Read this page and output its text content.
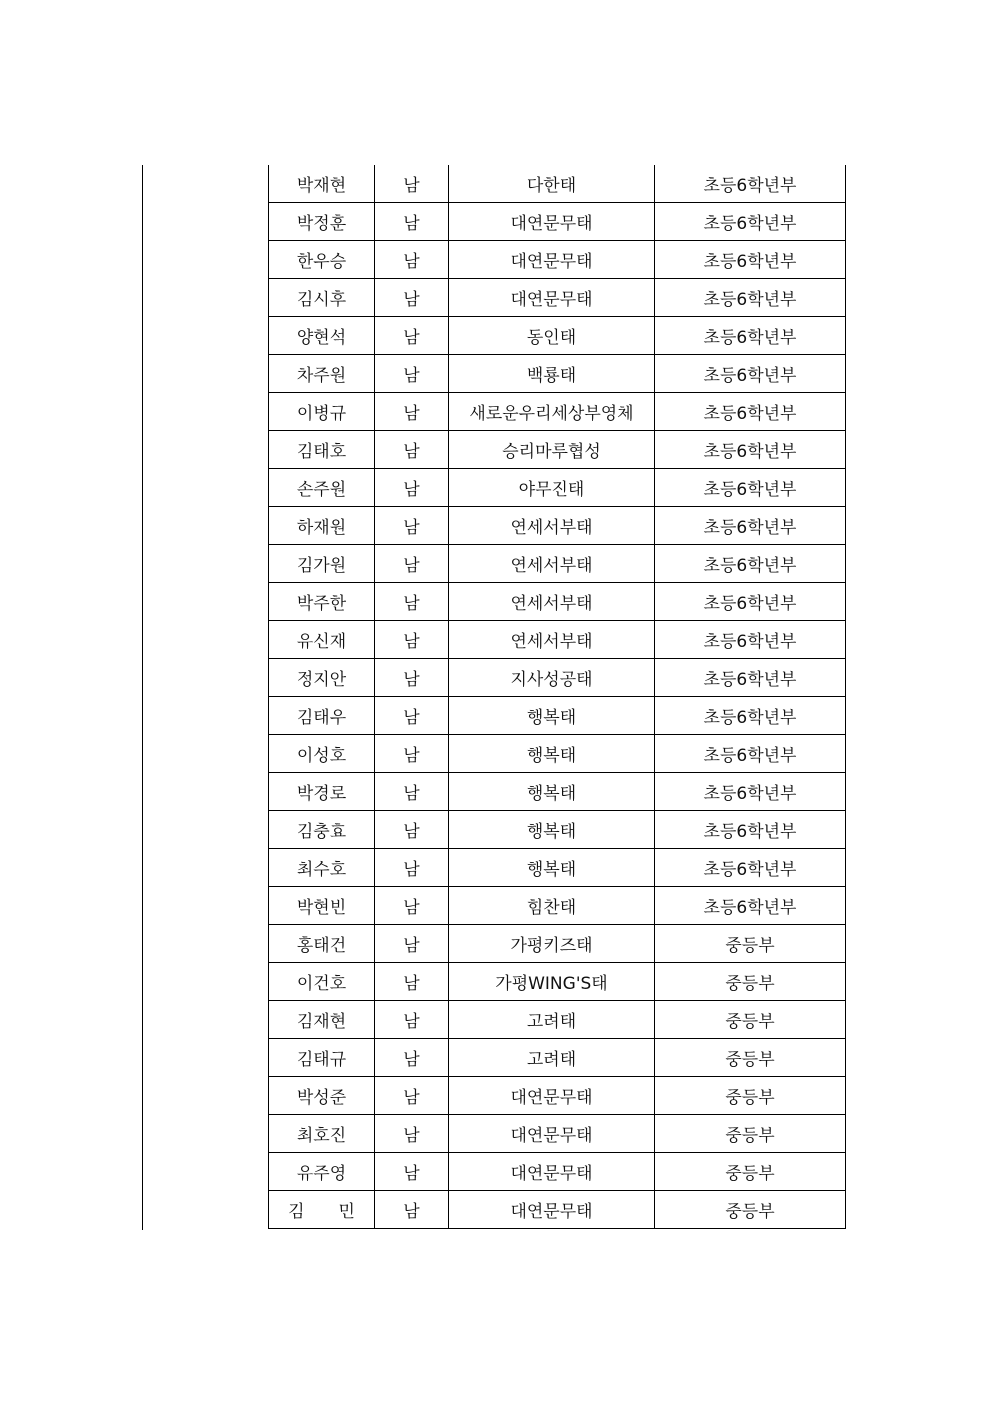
박재현	남	다한태	초등6학년부
박정훈	남	대연문무태	초등6학년부
한우승	남	대연문무태	초등6학년부
김시후	남	대연문무태	초등6학년부
양현석	남	동인태	초등6학년부
차주원	남	백룡태	초등6학년부
이병규	남	새로운우리세상부영체	초등6학년부
김태호	남	승리마루협성	초등6학년부
손주원	남	야무진태	초등6학년부
하재원	남	연세서부태	초등6학년부
김가원	남	연세서부태	초등6학년부
박주한	남	연세서부태	초등6학년부
유신재	남	연세서부태	초등6학년부
정지안	남	지사성공태	초등6학년부
김태우	남	행복태	초등6학년부
이성호	남	행복태	초등6학년부
박경로	남	행복태	초등6학년부
김충효	남	행복태	초등6학년부
최수호	남	행복태	초등6학년부
박현빈	남	힘찬태	초등6학년부
홍태건	남	가평키즈태	중등부
이건호	남	가평WING'S태	중등부
김재현	남	고려태	중등부
김태규	남	고려태	중등부
박성준	남	대연문무태	중등부
최호진	남	대연문무태	중등부
유주영	남	대연문무태	중등부
김　　민	남	대연문무태	중등부
